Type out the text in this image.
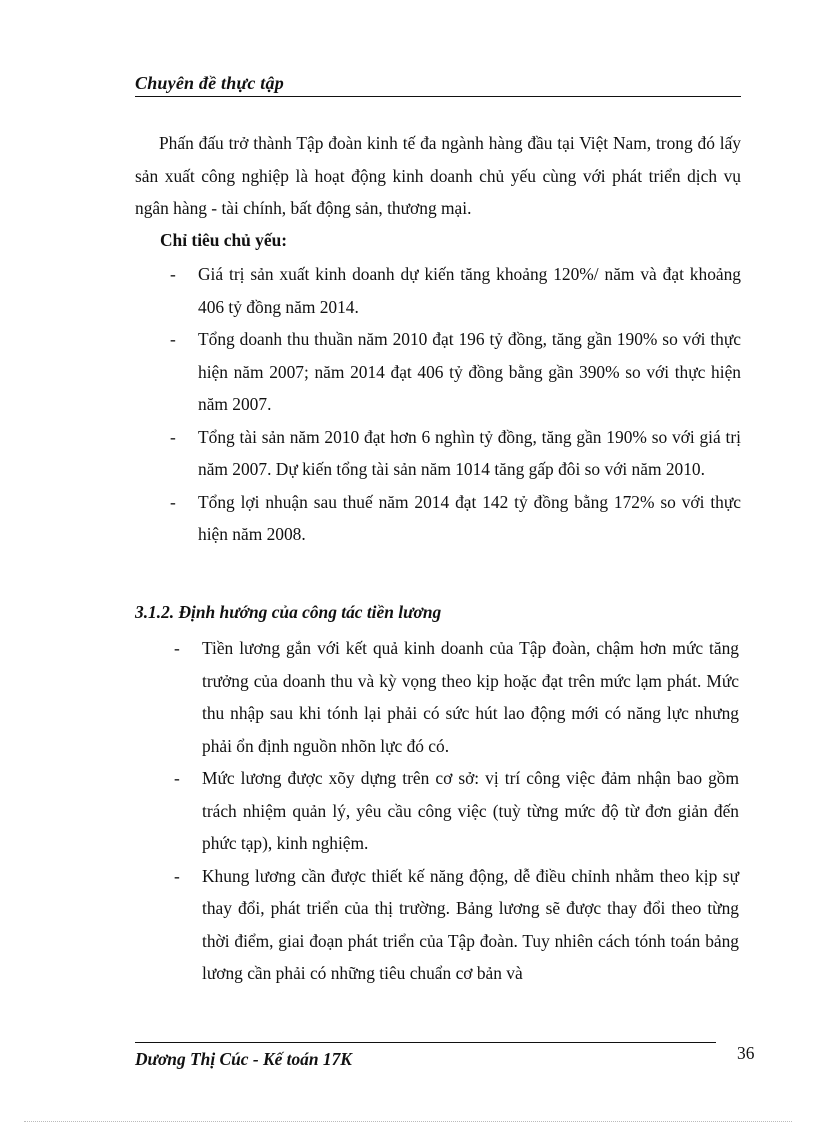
Chuyên đề thực tập
Phấn đấu trở thành Tập đoàn kinh tế đa ngành hàng đầu tại Việt Nam, trong đó lấy sản xuất công nghiệp là hoạt động kinh doanh chủ yếu cùng với phát triển dịch vụ ngân hàng - tài chính, bất động sản, thương mại.
Chỉ tiêu chủ yếu:
- Giá trị sản xuất kinh doanh dự kiến tăng khoảng 120%/ năm và đạt khoảng 406 tỷ đồng năm 2014.
- Tổng doanh thu thuần năm 2010 đạt 196 tỷ đồng, tăng gần 190% so với thực hiện năm 2007; năm 2014 đạt 406 tỷ đồng bằng gần 390% so với thực hiện năm 2007.
- Tổng tài sản năm 2010 đạt hơn 6 nghìn tỷ đồng, tăng gần 190% so với giá trị năm 2007. Dự kiến tổng tài sản năm 1014 tăng gấp đôi so với năm 2010.
- Tổng lợi nhuận sau thuế năm 2014 đạt 142 tỷ đồng bằng 172% so với thực hiện năm 2008.
3.1.2. Định hướng của công tác tiền lương
- Tiền lương gắn với kết quả kinh doanh của Tập đoàn, chậm hơn mức tăng trưởng của doanh thu và kỳ vọng theo kịp hoặc đạt trên mức lạm phát. Mức thu nhập sau khi tónh lại phải có sức hút lao động mới có năng lực nhưng phải ổn định nguồn nhõn lực đó có.
- Mức lương được xõy dựng trên cơ sở: vị trí công việc đảm nhận bao gồm trách nhiệm quản lý, yêu cầu công việc (tuỳ từng mức độ từ đơn giản đến phức tạp), kinh nghiệm.
- Khung lương cần được thiết kế năng động, dễ điều chỉnh nhằm theo kịp sự thay đổi, phát triển của thị trường. Bảng lương sẽ được thay đổi theo từng thời điểm, giai đoạn phát triển của Tập đoàn. Tuy nhiên cách tónh toán bảng lương cần phải có những tiêu chuẩn cơ bản và
Dương Thị Cúc - Kế toán 17K	36
